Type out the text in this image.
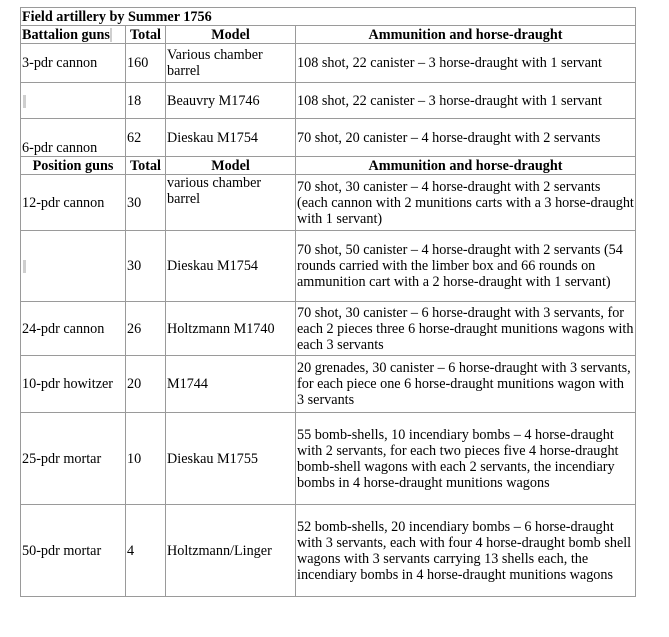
Field artillery by Summer 1756			
Battalion guns	Total	Model	Ammunition and horse-draught
3-pdr cannon	160	Various chamber barrel	108 shot, 22 canister – 3 horse-draught with 1 servant
	18	Beauvry M1746	108 shot, 22 canister – 3 horse-draught with 1 servant
6-pdr cannon	62	Dieskau M1754	70 shot, 20 canister – 4 horse-draught with 2 servants
Position guns	Total	Model	Ammunition and horse-draught
12-pdr cannon	30	various chamber barrel	70 shot, 30 canister – 4 horse-draught with 2 servants (each cannon with 2 munitions carts with a 3 horse-draught with 1 servant)
	30	Dieskau M1754	70 shot, 50 canister – 4 horse-draught with 2 servants (54 rounds carried with the limber box and 66 rounds on ammunition cart with a 2 horse-draught with 1 servant)
24-pdr cannon	26	Holtzmann M1740	70 shot, 30 canister – 6 horse-draught with 3 servants, for each 2 pieces three 6 horse-draught munitions wagons with each 3 servants
10-pdr howitzer	20	M1744	20 grenades, 30 canister – 6 horse-draught with 3 servants, for each piece one 6 horse-draught munitions wagon with 3 servants
25-pdr mortar	10	Dieskau M1755	55 bomb-shells, 10 incendiary bombs – 4 horse-draught with 2 servants, for each two pieces five 4 horse-draught bomb-shell wagons with each 2 servants, the incendiary bombs in 4 horse-draught munitions wagons
50-pdr mortar	4	Holtzmann/Linger	52 bomb-shells, 20 incendiary bombs – 6 horse-draught with 3 servants, each with four 4 horse-draught bomb shell wagons with 3 servants carrying 13 shells each, the incendiary bombs in 4 horse-draught munitions wagons
